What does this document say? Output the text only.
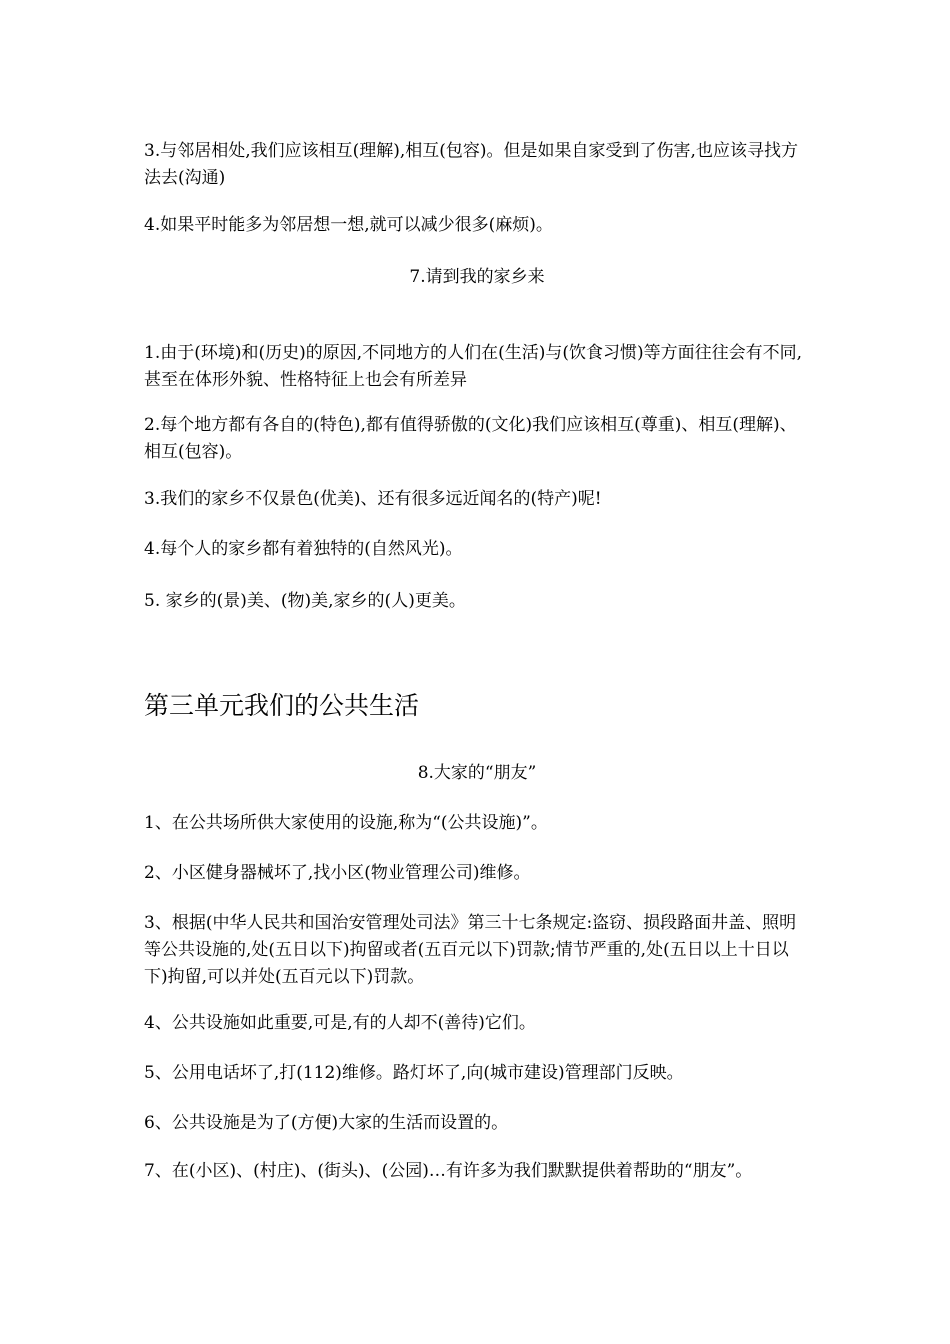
3.与邻居相处,我们应该相互(理解),相互(包容)。但是如果自家受到了伤害,也应该寻找方法去(沟通)
4.如果平时能多为邻居想一想,就可以减少很多(麻烦)。
7.请到我的家乡来
1.由于(环境)和(历史)的原因,不同地方的人们在(生活)与(饮食习惯)等方面往往会有不同,甚至在体形外貌、性格特征上也会有所差异
2.每个地方都有各自的(特色),都有值得骄傲的(文化)我们应该相互(尊重)、相互(理解)、相互(包容)。
3.我们的家乡不仅景色(优美)、还有很多远近闻名的(特产)呢!
4.每个人的家乡都有着独特的(自然风光)。
5. 家乡的(景)美、(物)美,家乡的(人)更美。
第三单元我们的公共生活
8.大家的“朋友”
1、在公共场所供大家使用的设施,称为“(公共设施)”。
2、小区健身器械坏了,找小区(物业管理公司)维修。
3、根据(中华人民共和国治安管理处司法》第三十七条规定:盗窃、损段路面井盖、照明等公共设施的,处(五日以下)拘留或者(五百元以下)罚款;情节严重的,处(五日以上十日以下)拘留,可以并处(五百元以下)罚款。
4、公共设施如此重要,可是,有的人却不(善待)它们。
5、公用电话坏了,打(112)维修。路灯坏了,向(城市建设)管理部门反映。
6、公共设施是为了(方便)大家的生活而设置的。
7、在(小区)、(村庄)、(街头)、(公园)…有许多为我们默默提供着帮助的“朋友”。
